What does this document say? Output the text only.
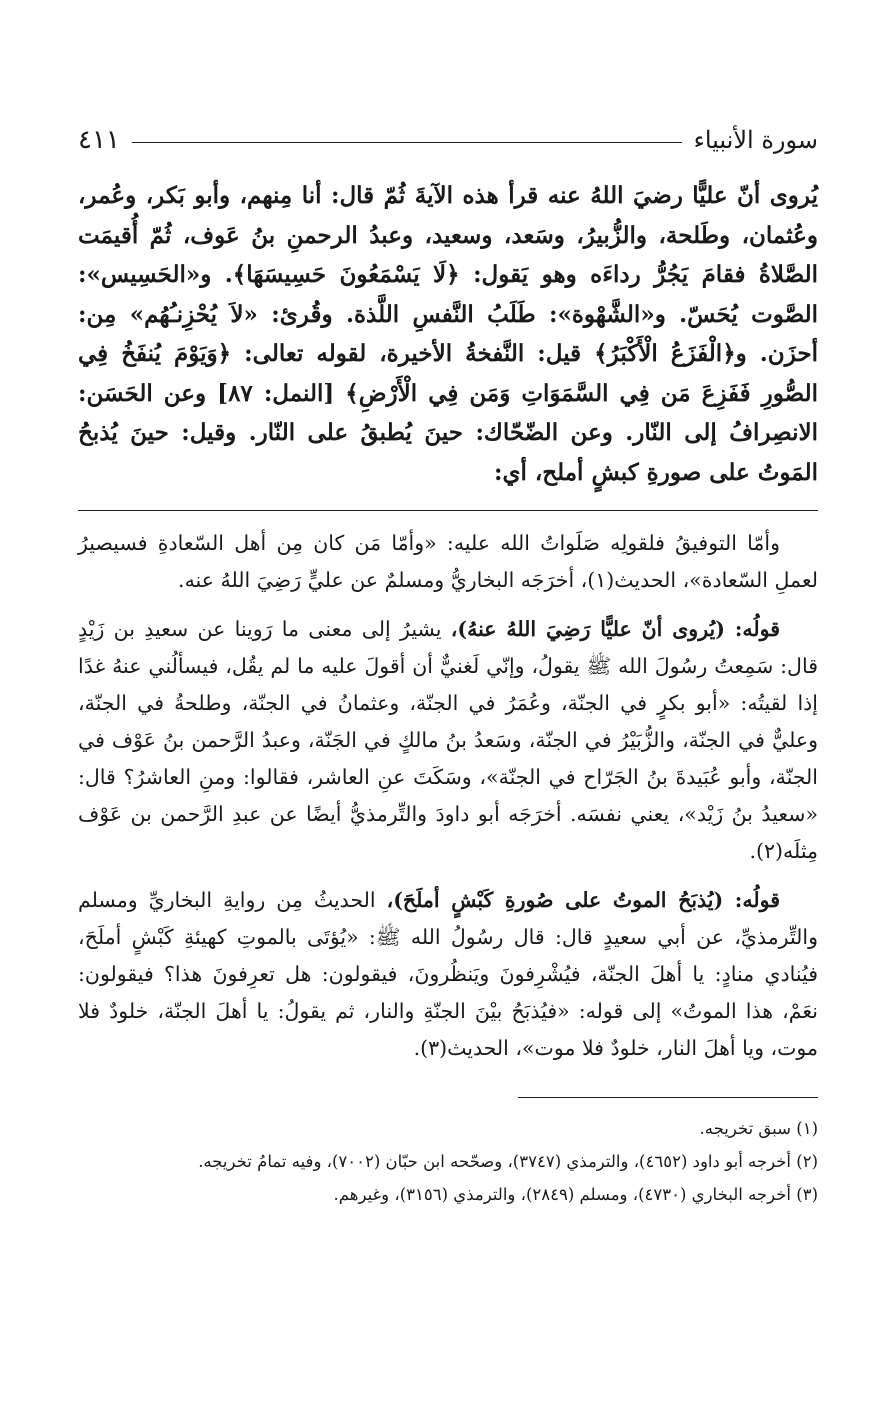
سورة الأنبياء
٤١١

يُروى أنّ عليًّا رضيَ اللهُ عنه قرأ هذه الآيةَ ثُمّ قال: أنا مِنهم، وأبو بَكر، وعُمر، وعُثمان، وطَلحة، والزُّبيرُ، وسَعد، وسعيد، وعبدُ الرحمنِ بنُ عَوف، ثُمّ أُقيمَت الصَّلاةُ فقامَ يَجُرُّ رداءَه وهو يَقول: ﴿لَا يَسْمَعُونَ حَسِيسَهَا﴾. و«الحَسِيس»: الصَّوت يُحَسّ. و«الشَّهْوة»: طَلَبُ النَّفسِ اللَّذة. وقُرئ: «لاَ يُحْزِنـُهُم» مِن: أحزَن. و﴿الْفَزَعُ الْأَكْبَرُ﴾ قيل: النَّفخةُ الأخيرة، لقوله تعالى: ﴿وَيَوْمَ يُنفَخُ فِي الصُّورِ فَفَزِعَ مَن فِي السَّمَوَاتِ وَمَن فِي الْأَرْضِ﴾ [النمل: ٨٧] وعن الحَسَن: الانصِرافُ إلى النّار. وعن الضّحّاك: حينَ يُطبقُ على النّار. وقيل: حينَ يُذبحُ المَوتُ على صورةِ كبشٍ أملح، أي:

وأمّا التوفيقُ فلقولِه صَلَواتُ الله عليه: «وأمّا مَن كان مِن أهل السّعادةِ فسيصيرُ لعملِ السّعادة»، الحديث(١)، أخرَجَه البخاريُّ ومسلمٌ عن عليٍّ رَضِيَ اللهُ عنه.

قولُه: (يُروى أنّ عليًّا رَضِيَ اللهُ عنهُ)، يشيرُ إلى معنى ما رَوينا عن سعيدِ بن زَيْدٍ قال: سَمِعتُ رسُولَ الله ﷺ يقولُ، وإنّي لَغنيٌّ أن أقولَ عليه ما لم يقُل، فيسألُني عنهُ غدًا إذا لقيتُه: «أبو بكرٍ في الجنّة، وعُمَرُ في الجنّة، وعثمانُ في الجنّة، وطلحةُ في الجنّة، وعليٌّ في الجنّة، والزُّبَيْرُ في الجنّة، وسَعدُ بنُ مالكٍ في الجَنّة، وعبدُ الرَّحمن بنُ عَوْف في الجنّة، وأبو عُبَيدةَ بنُ الجَرّاح في الجنّة»، وسَكَتَ عنِ العاشر، فقالوا: ومنِ العاشرُ؟ قال: «سعيدُ بنُ زَيْد»، يعني نفسَه. أخرَجَه أبو داودَ والتِّرمذيُّ أيضًا عن عبدِ الرَّحمن بن عَوْف مِثلَه(٢).

قولُه: (يُذبَحُ الموتُ على صُورةِ كَبْشٍ أملَحَ)، الحديثُ مِن روايةِ البخاريِّ ومسلم والتِّرمذيِّ، عن أبي سعيدٍ قال: قال رسُولُ الله ﷺ: «يُؤتَى بالموتِ كهيئةِ كَبْشٍ أملَحَ، فيُنادي منادٍ: يا أهلَ الجنّة، فيُشْرِفونَ ويَنظُرونَ، فيقولون: هل تعرِفونَ هذا؟ فيقولون: نعَمْ، هذا الموتُ» إلى قوله: «فيُذبَحُ بيْنَ الجنّةِ والنار، ثم يقولُ: يا أهلَ الجنّة، خلودٌ فلا موت، ويا أهلَ النار، خلودٌ فلا موت»، الحديث(٣).

(١) سبق تخريجه.
(٢) أخرجه أبو داود (٤٦٥٢)، والترمذي (٣٧٤٧)، وصحّحه ابن حبّان (٧٠٠٢)، وفيه تمامُ تخريجه.
(٣) أخرجه البخاري (٤٧٣٠)، ومسلم (٢٨٤٩)، والترمذي (٣١٥٦)، وغيرهم.
